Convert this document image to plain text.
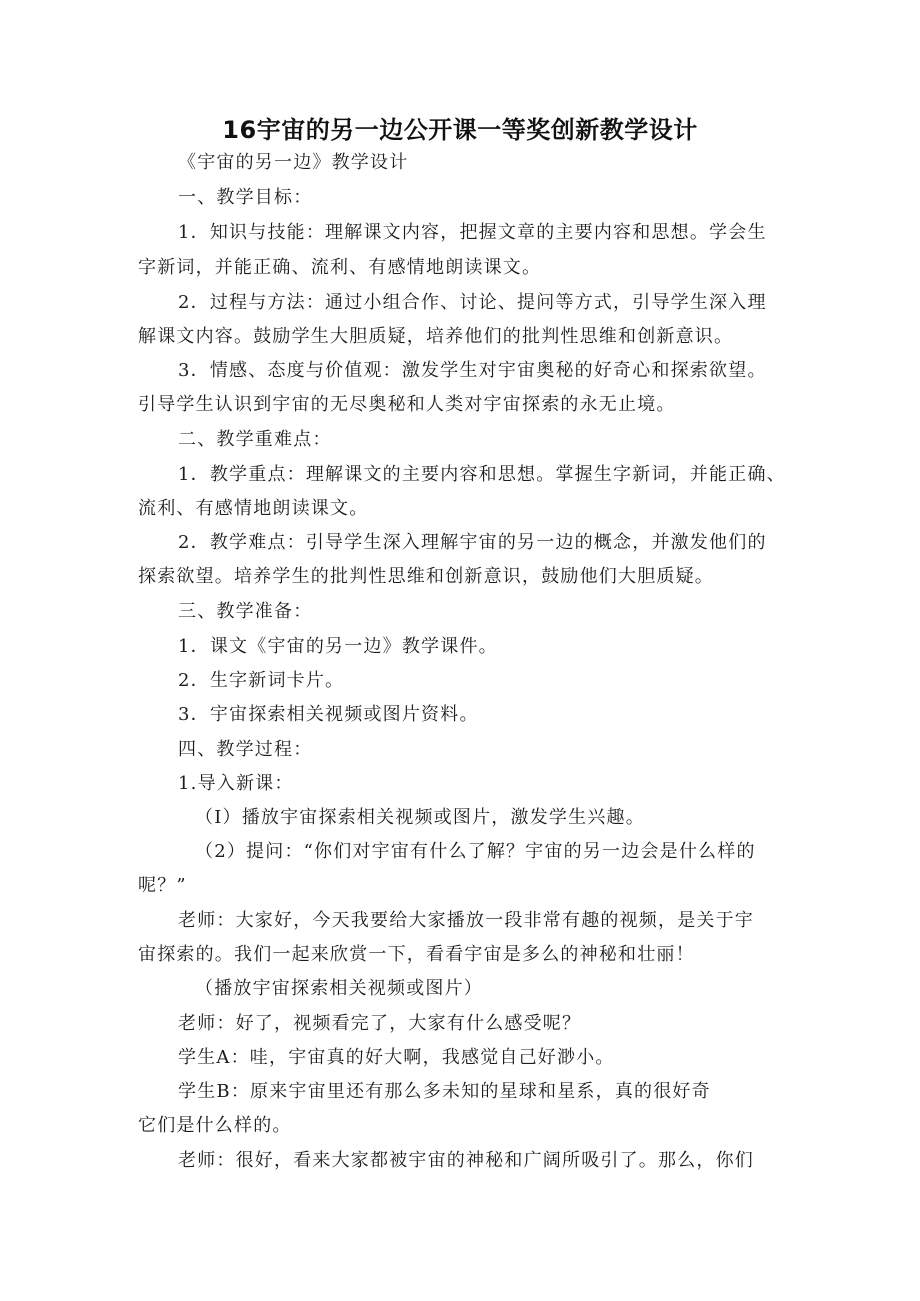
16宇宙的另一边公开课一等奖创新教学设计
《宇宙的另一边》教学设计
一、教学目标：
1．知识与技能：理解课文内容，把握文章的主要内容和思想。学会生
字新词，并能正确、流利、有感情地朗读课文。
2．过程与方法：通过小组合作、讨论、提问等方式，引导学生深入理
解课文内容。鼓励学生大胆质疑，培养他们的批判性思维和创新意识。
3．情感、态度与价值观：激发学生对宇宙奥秘的好奇心和探索欲望。
引导学生认识到宇宙的无尽奥秘和人类对宇宙探索的永无止境。
二、教学重难点：
1．教学重点：理解课文的主要内容和思想。掌握生字新词，并能正确、
流利、有感情地朗读课文。
2．教学难点：引导学生深入理解宇宙的另一边的概念，并激发他们的
探索欲望。培养学生的批判性思维和创新意识，鼓励他们大胆质疑。
三、教学准备：
1．课文《宇宙的另一边》教学课件。
2．生字新词卡片。
3．宇宙探索相关视频或图片资料。
四、教学过程：
1.导入新课：
（I）播放宇宙探索相关视频或图片，激发学生兴趣。
（2）提问：“你们对宇宙有什么了解？宇宙的另一边会是什么样的
呢？”
老师：大家好，今天我要给大家播放一段非常有趣的视频，是关于宇
宙探索的。我们一起来欣赏一下，看看宇宙是多么的神秘和壮丽！
（播放宇宙探索相关视频或图片）
老师：好了，视频看完了，大家有什么感受呢？
学生A：哇，宇宙真的好大啊，我感觉自己好渺小。
学生B：原来宇宙里还有那么多未知的星球和星系，真的很好奇
它们是什么样的。
老师：很好，看来大家都被宇宙的神秘和广阔所吸引了。那么，你们
